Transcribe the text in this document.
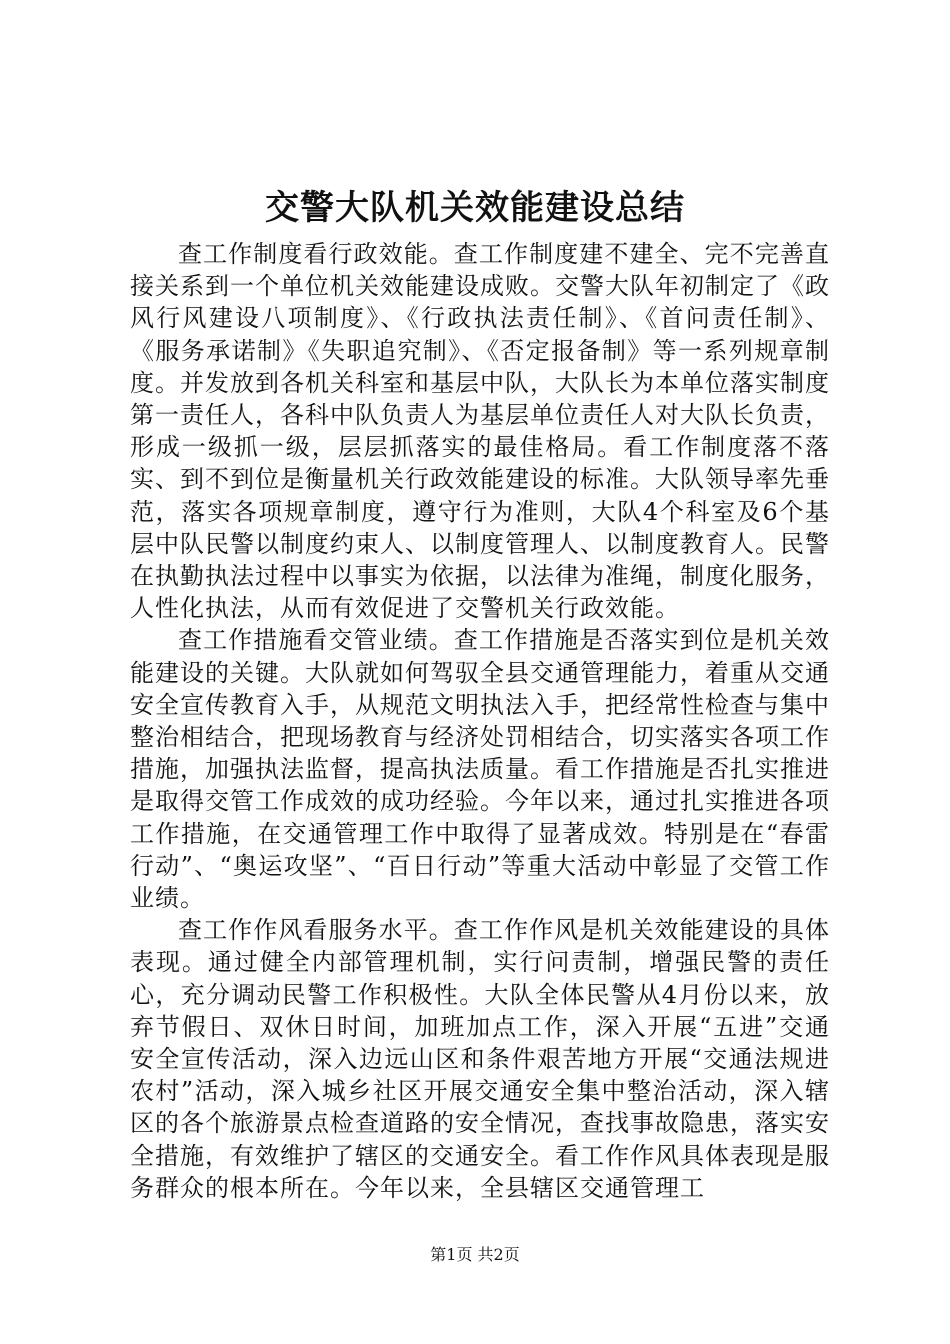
交警大队机关效能建设总结

查工作制度看行政效能。查工作制度建不建全、完不完善直接关系到一个单位机关效能建设成败。交警大队年初制定了《政风行风建设八项制度》、《行政执法责任制》、《首问责任制》、《服务承诺制》《失职追究制》、《否定报备制》等一系列规章制度。并发放到各机关科室和基层中队，大队长为本单位落实制度第一责任人，各科中队负责人为基层单位责任人对大队长负责，形成一级抓一级，层层抓落实的最佳格局。看工作制度落不落实、到不到位是衡量机关行政效能建设的标准。大队领导率先垂范，落实各项规章制度，遵守行为准则，大队4个科室及6个基层中队民警以制度约束人、以制度管理人、以制度教育人。民警在执勤执法过程中以事实为依据，以法律为准绳，制度化服务，人性化执法，从而有效促进了交警机关行政效能。

查工作措施看交管业绩。查工作措施是否落实到位是机关效能建设的关键。大队就如何驾驭全县交通管理能力，着重从交通安全宣传教育入手，从规范文明执法入手，把经常性检查与集中整治相结合，把现场教育与经济处罚相结合，切实落实各项工作措施，加强执法监督，提高执法质量。看工作措施是否扎实推进是取得交管工作成效的成功经验。今年以来，通过扎实推进各项工作措施，在交通管理工作中取得了显著成效。特别是在“春雷行动”、“奥运攻坚”、“百日行动”等重大活动中彰显了交管工作业绩。

查工作作风看服务水平。查工作作风是机关效能建设的具体表现。通过健全内部管理机制，实行问责制，增强民警的责任心，充分调动民警工作积极性。大队全体民警从4月份以来，放弃节假日、双休日时间，加班加点工作，深入开展“五进”交通安全宣传活动，深入边远山区和条件艰苦地方开展“交通法规进农村”活动，深入城乡社区开展交通安全集中整治活动，深入辖区的各个旅游景点检查道路的安全情况，查找事故隐患，落实安全措施，有效维护了辖区的交通安全。看工作作风具体表现是服务群众的根本所在。今年以来，全县辖区交通管理工

第1页 共2页
